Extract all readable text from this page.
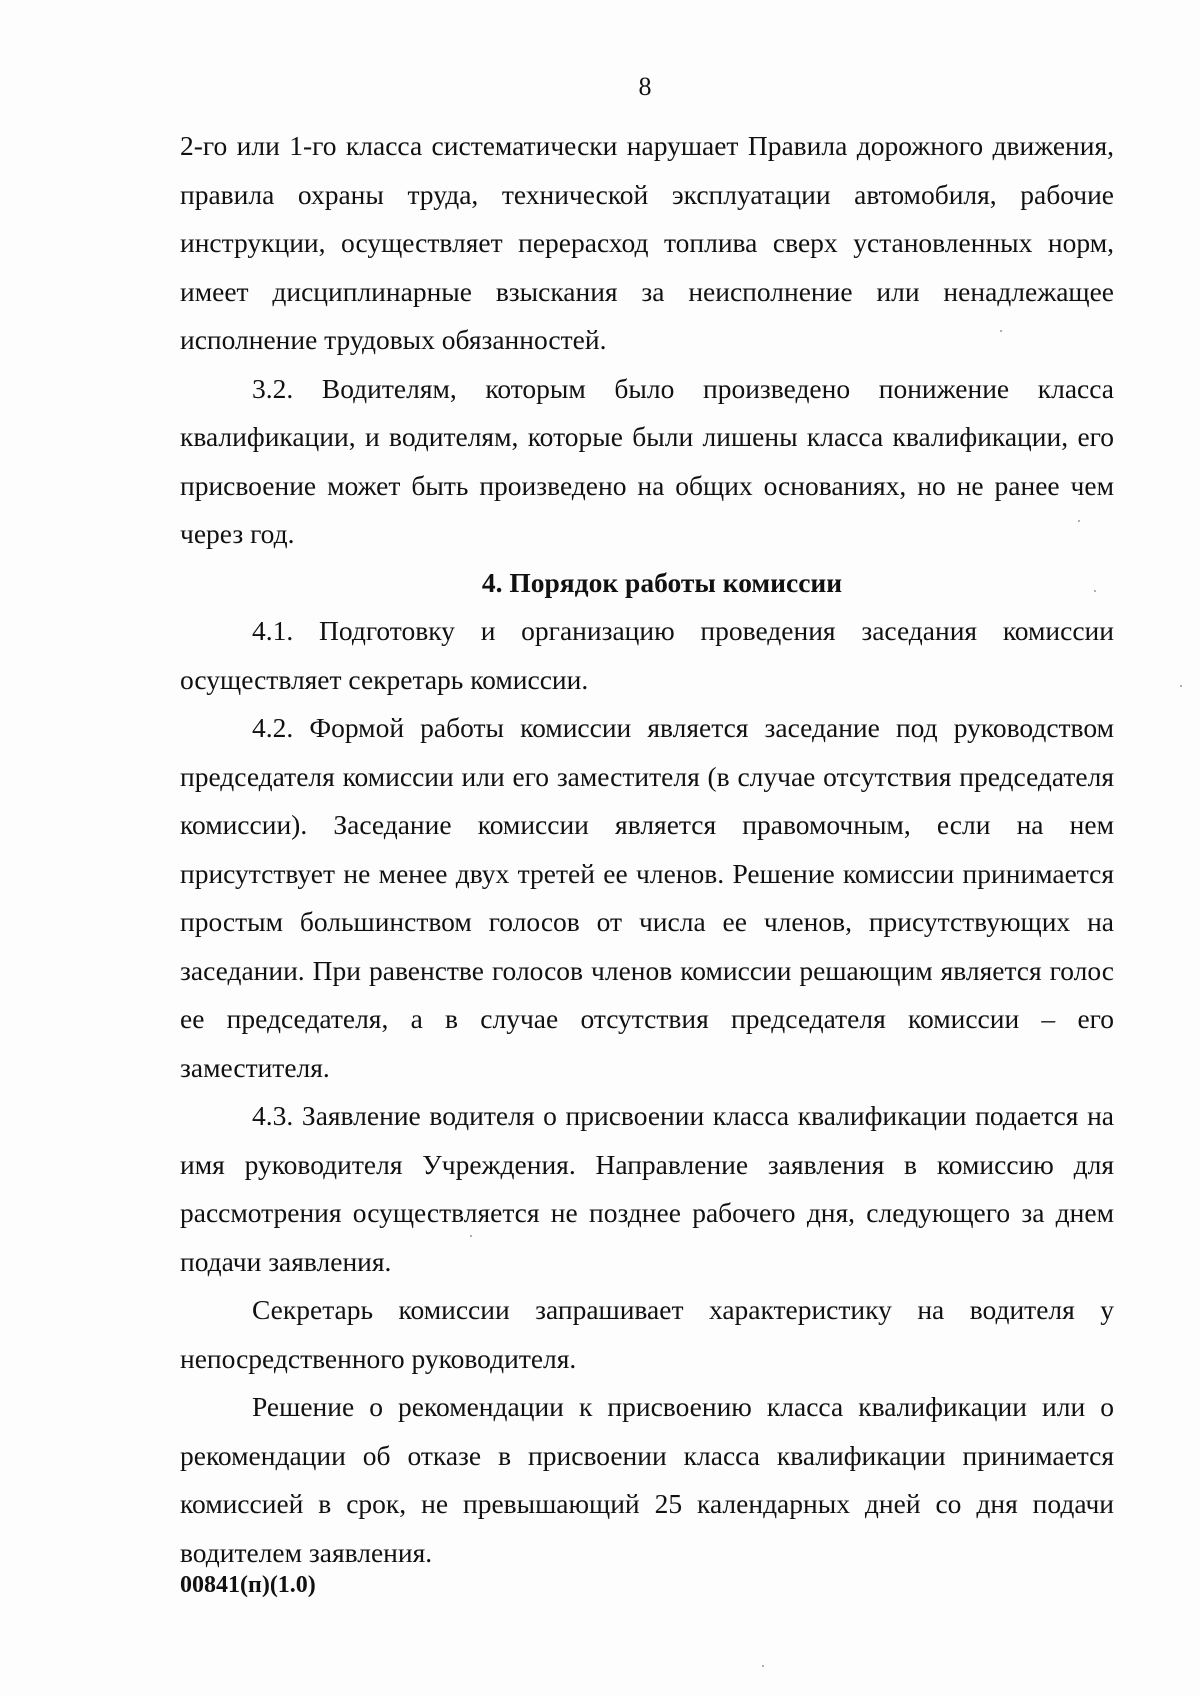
8

2-го или 1-го класса систематически нарушает Правила дорожного движения, правила охраны труда, технической эксплуатации автомобиля, рабочие инструкции, осуществляет перерасход топлива сверх установленных норм, имеет дисциплинарные взыскания за неисполнение или ненадлежащее исполнение трудовых обязанностей.

3.2. Водителям, которым было произведено понижение класса квалификации, и водителям, которые были лишены класса квалификации, его присвоение может быть произведено на общих основаниях, но не ранее чем через год.

4. Порядок работы комиссии

4.1. Подготовку и организацию проведения заседания комиссии осуществляет секретарь комиссии.

4.2. Формой работы комиссии является заседание под руководством председателя комиссии или его заместителя (в случае отсутствия председателя комиссии). Заседание комиссии является правомочным, если на нем присутствует не менее двух третей ее членов. Решение комиссии принимается простым большинством голосов от числа ее членов, присутствующих на заседании. При равенстве голосов членов комиссии решающим является голос ее председателя, а в случае отсутствия председателя комиссии – его заместителя.

4.3. Заявление водителя о присвоении класса квалификации подается на имя руководителя Учреждения. Направление заявления в комиссию для рассмотрения осуществляется не позднее рабочего дня, следующего за днем подачи заявления.

Секретарь комиссии запрашивает характеристику на водителя у непосредственного руководителя.

Решение о рекомендации к присвоению класса квалификации или о рекомендации об отказе в присвоении класса квалификации принимается комиссией в срок, не превышающий 25 календарных дней со дня подачи водителем заявления.

00841(п)(1.0)
